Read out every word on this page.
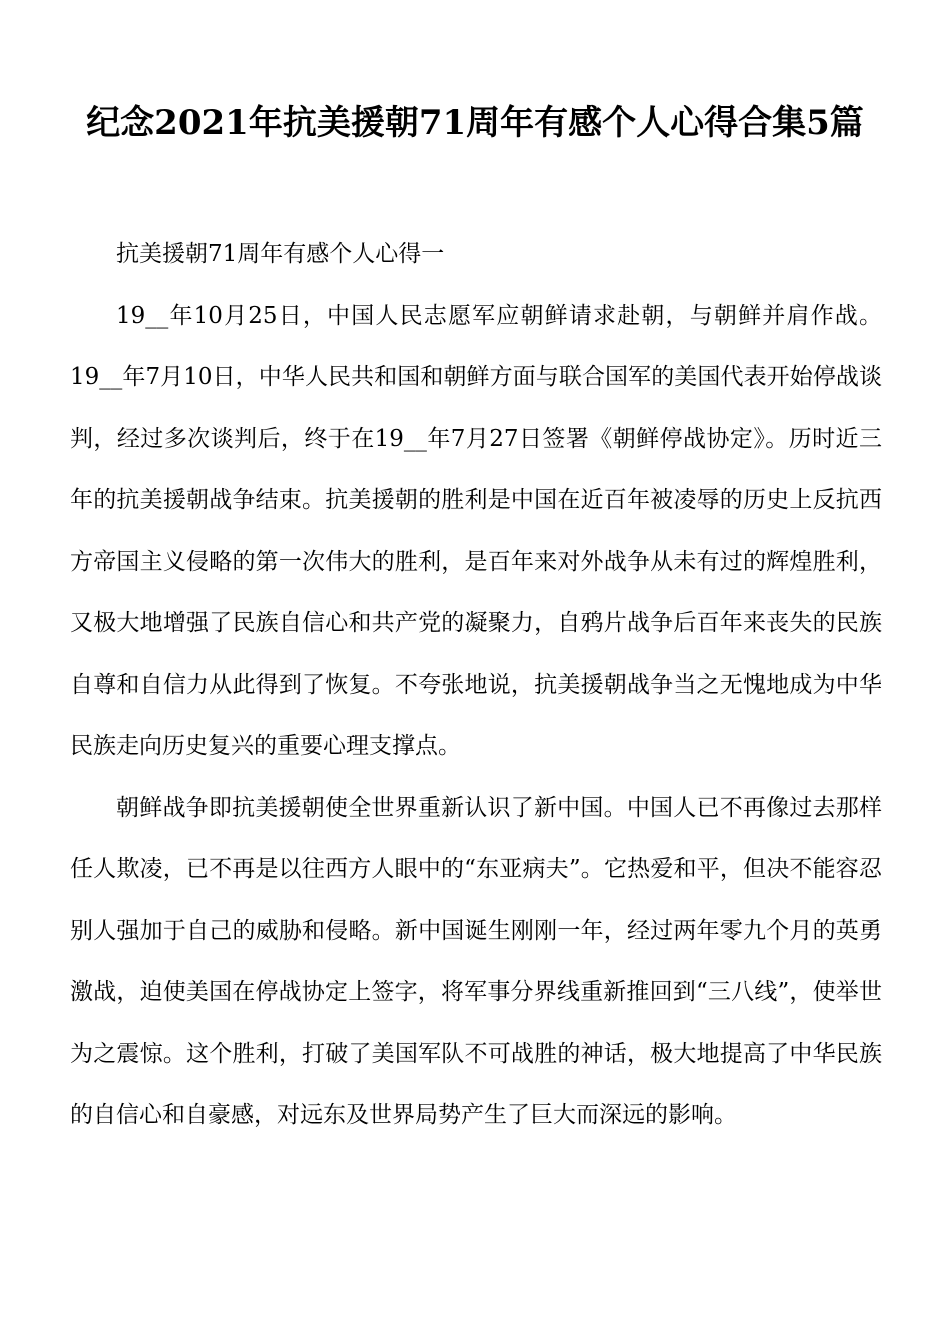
纪念2021年抗美援朝71周年有感个人心得合集5篇

抗美援朝71周年有感个人心得一

19__年10月25日，中国人民志愿军应朝鲜请求赴朝，与朝鲜并肩作战。19__年7月10日，中华人民共和国和朝鲜方面与联合国军的美国代表开始停战谈判，经过多次谈判后，终于在19__年7月27日签署《朝鲜停战协定》。历时近三年的抗美援朝战争结束。抗美援朝的胜利是中国在近百年被凌辱的历史上反抗西方帝国主义侵略的第一次伟大的胜利，是百年来对外战争从未有过的辉煌胜利，又极大地增强了民族自信心和共产党的凝聚力，自鸦片战争后百年来丧失的民族自尊和自信力从此得到了恢复。不夸张地说，抗美援朝战争当之无愧地成为中华民族走向历史复兴的重要心理支撑点。

朝鲜战争即抗美援朝使全世界重新认识了新中国。中国人已不再像过去那样任人欺凌，已不再是以往西方人眼中的“东亚病夫”。它热爱和平，但决不能容忍别人强加于自己的威胁和侵略。新中国诞生刚刚一年，经过两年零九个月的英勇激战，迫使美国在停战协定上签字，将军事分界线重新推回到“三八线”，使举世为之震惊。这个胜利，打破了美国军队不可战胜的神话，极大地提高了中华民族的自信心和自豪感，对远东及世界局势产生了巨大而深远的影响。
